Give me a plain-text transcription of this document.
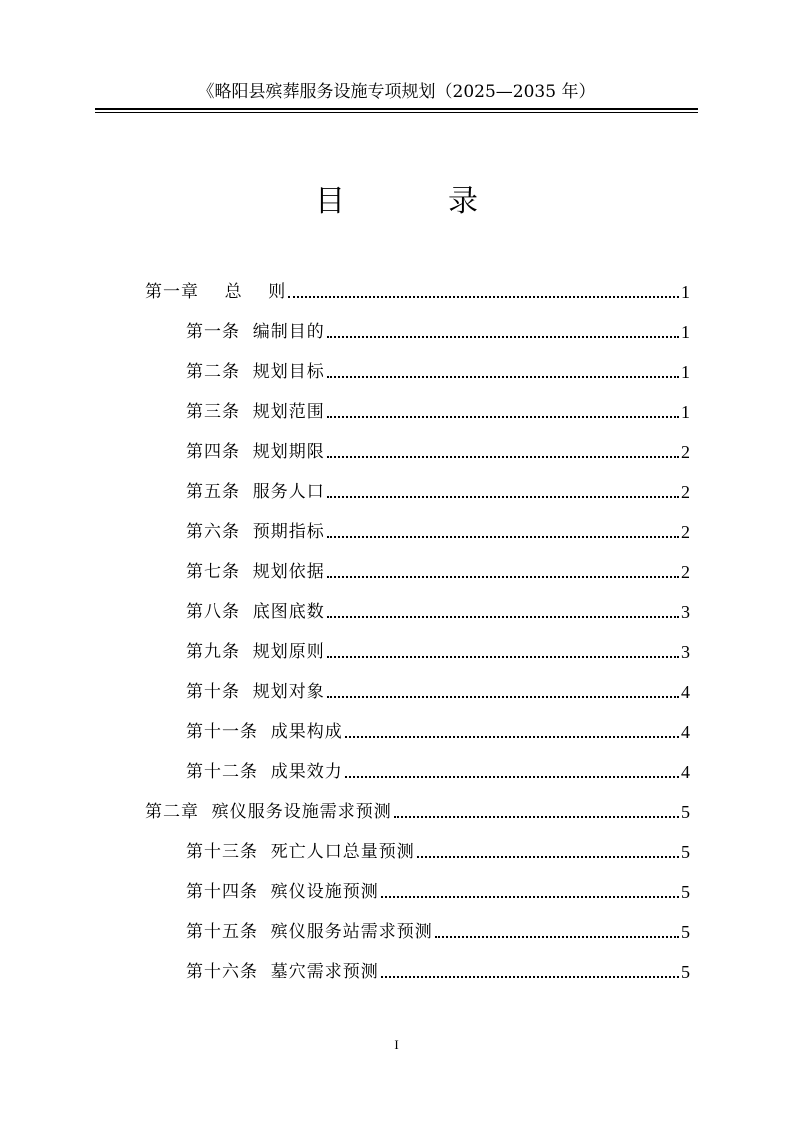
《略阳县殡葬服务设施专项规划（2025—2035 年）
目  录
第一章    总    则	1
第一条  编制目的	1
第二条  规划目标	1
第三条  规划范围	1
第四条  规划期限	2
第五条  服务人口	2
第六条  预期指标	2
第七条  规划依据	2
第八条  底图底数	3
第九条  规划原则	3
第十条  规划对象	4
第十一条  成果构成	4
第十二条  成果效力	4
第二章  殡仪服务设施需求预测	5
第十三条  死亡人口总量预测	5
第十四条  殡仪设施预测	5
第十五条  殡仪服务站需求预测	5
第十六条  墓穴需求预测	5
I
